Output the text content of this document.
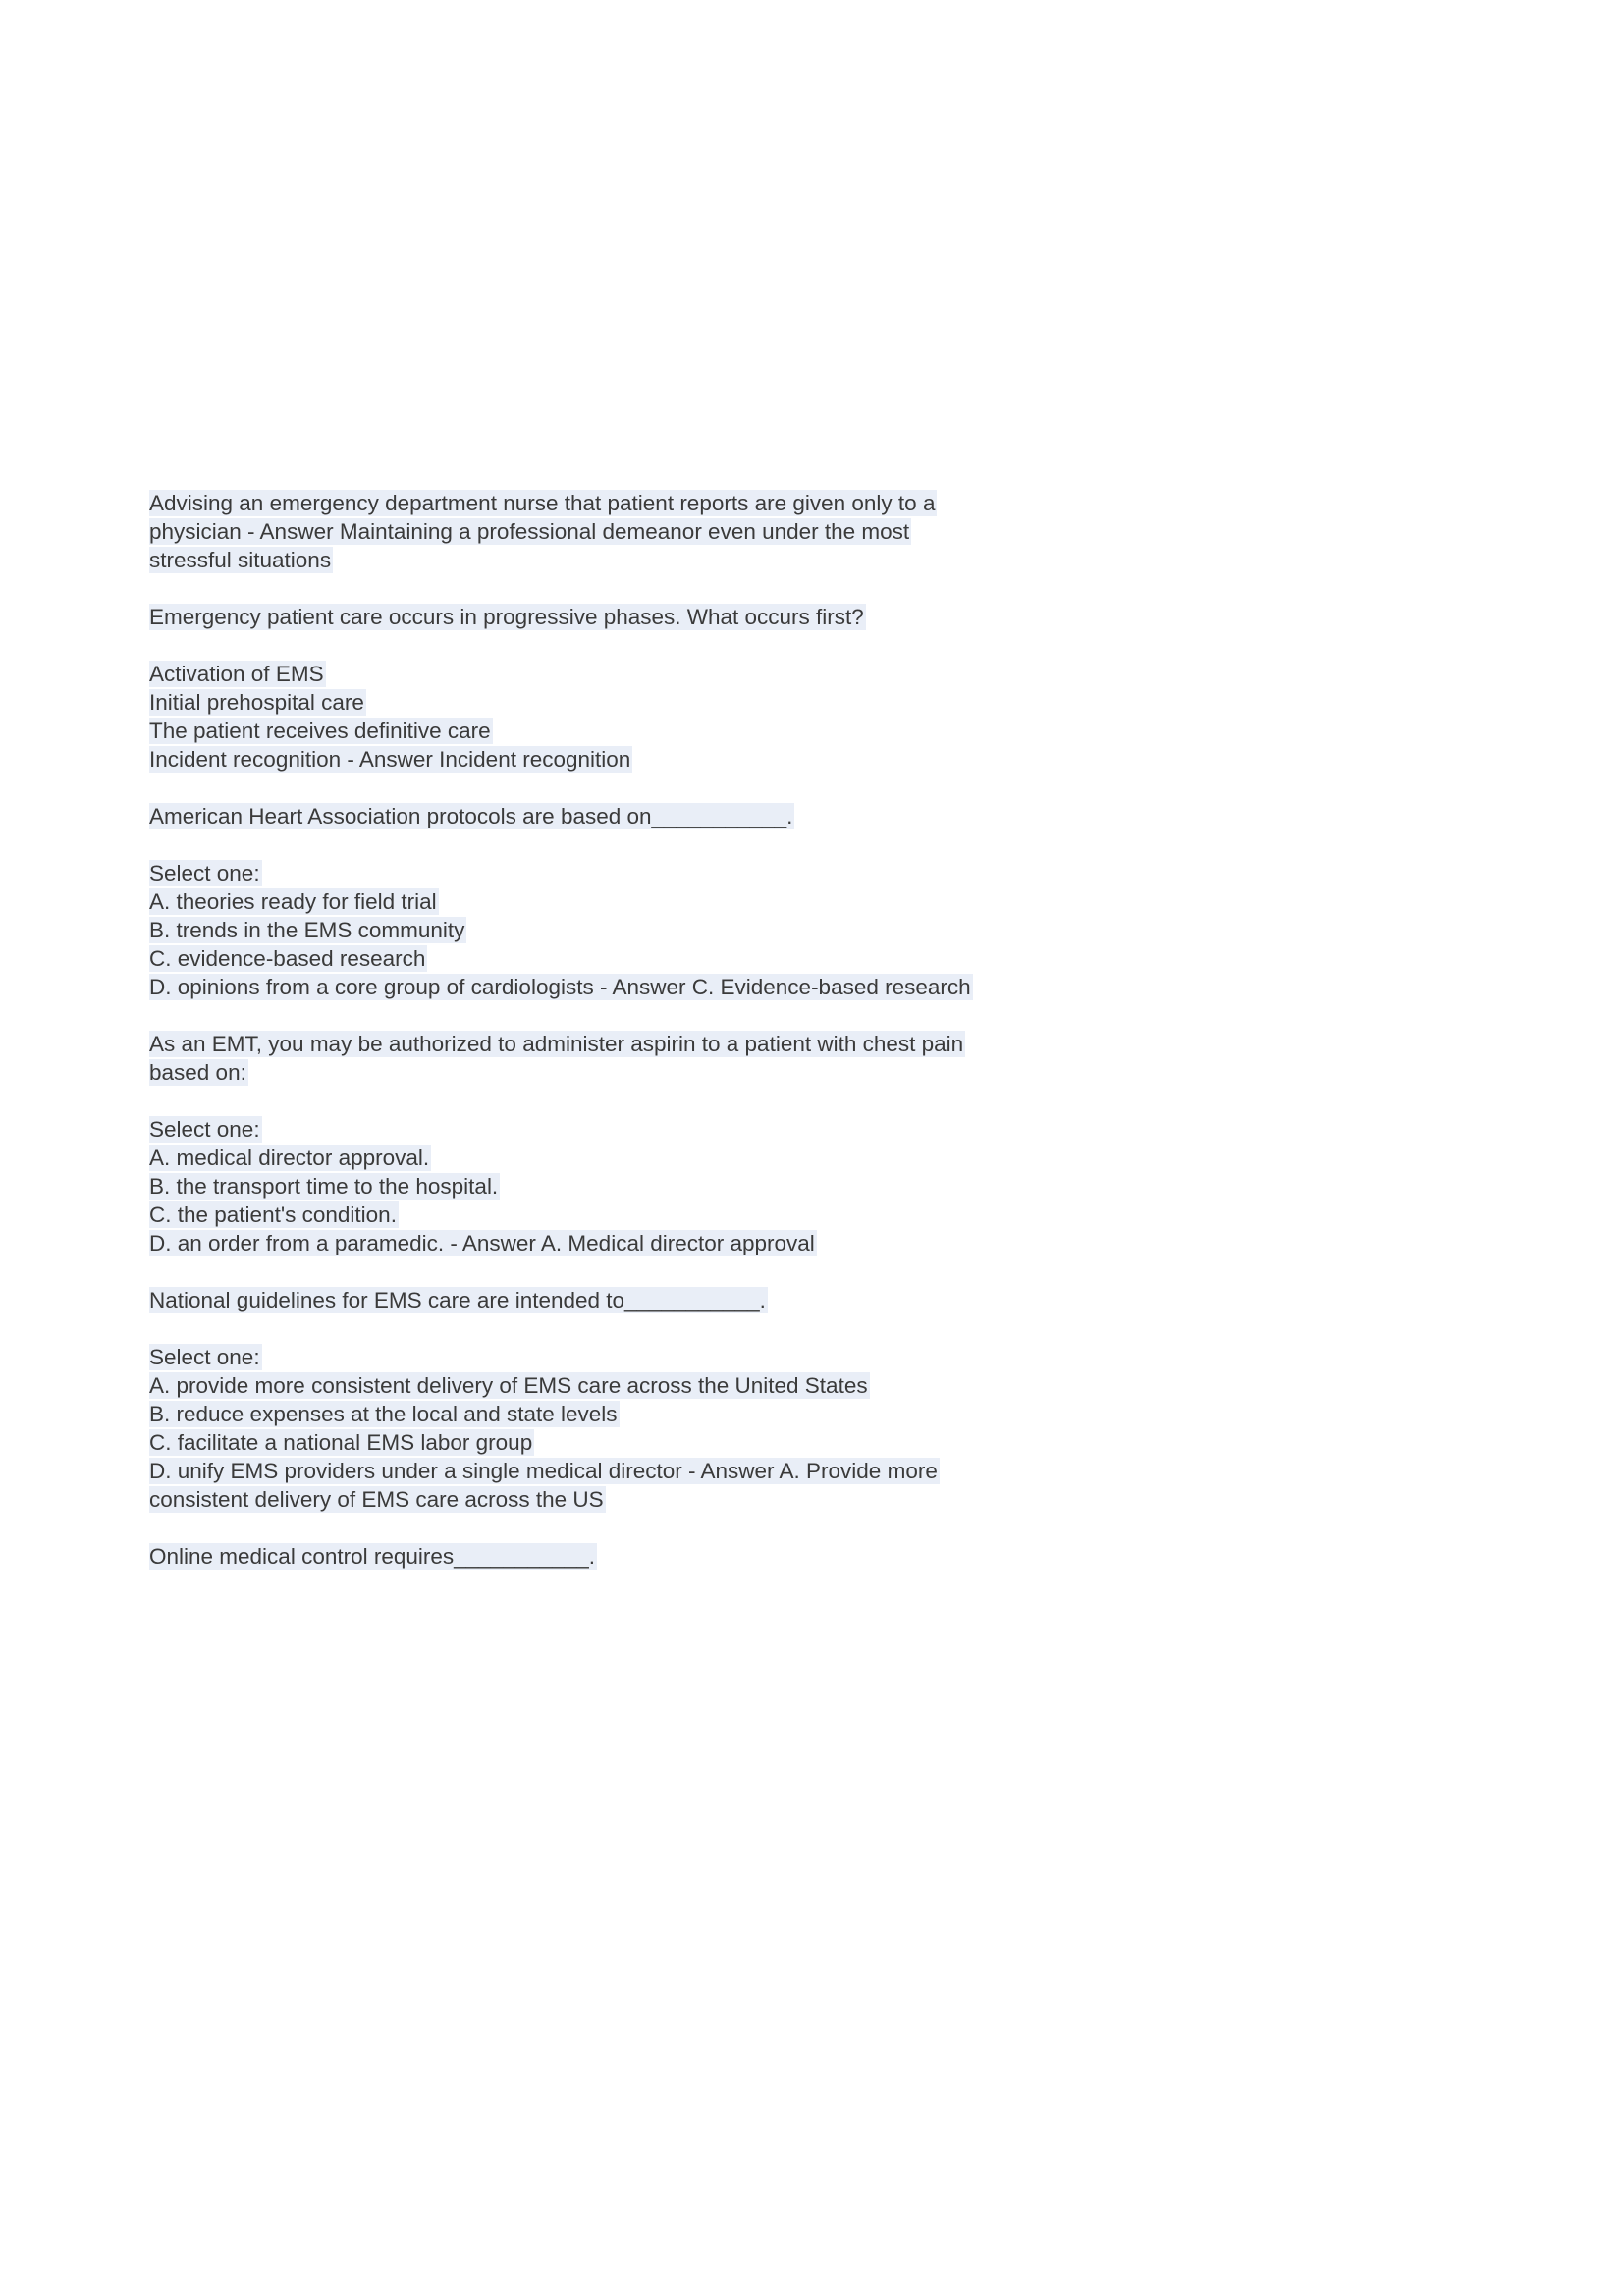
Advising an emergency department nurse that patient reports are given only to a
physician - Answer Maintaining a professional demeanor even under the most
stressful situations

Emergency patient care occurs in progressive phases. What occurs first?

Activation of EMS
Initial prehospital care
The patient receives definitive care
Incident recognition - Answer Incident recognition

American Heart Association protocols are based on___________.

Select one:
A. theories ready for field trial
B. trends in the EMS community
C. evidence-based research
D. opinions from a core group of cardiologists - Answer C. Evidence-based research

As an EMT, you may be authorized to administer aspirin to a patient with chest pain
based on:

Select one:
A. medical director approval.
B. the transport time to the hospital.
C. the patient's condition.
D. an order from a paramedic. - Answer A. Medical director approval

National guidelines for EMS care are intended to___________.

Select one:
A. provide more consistent delivery of EMS care across the United States
B. reduce expenses at the local and state levels
C. facilitate a national EMS labor group
D. unify EMS providers under a single medical director - Answer A. Provide more
consistent delivery of EMS care across the US

Online medical control requires___________.
